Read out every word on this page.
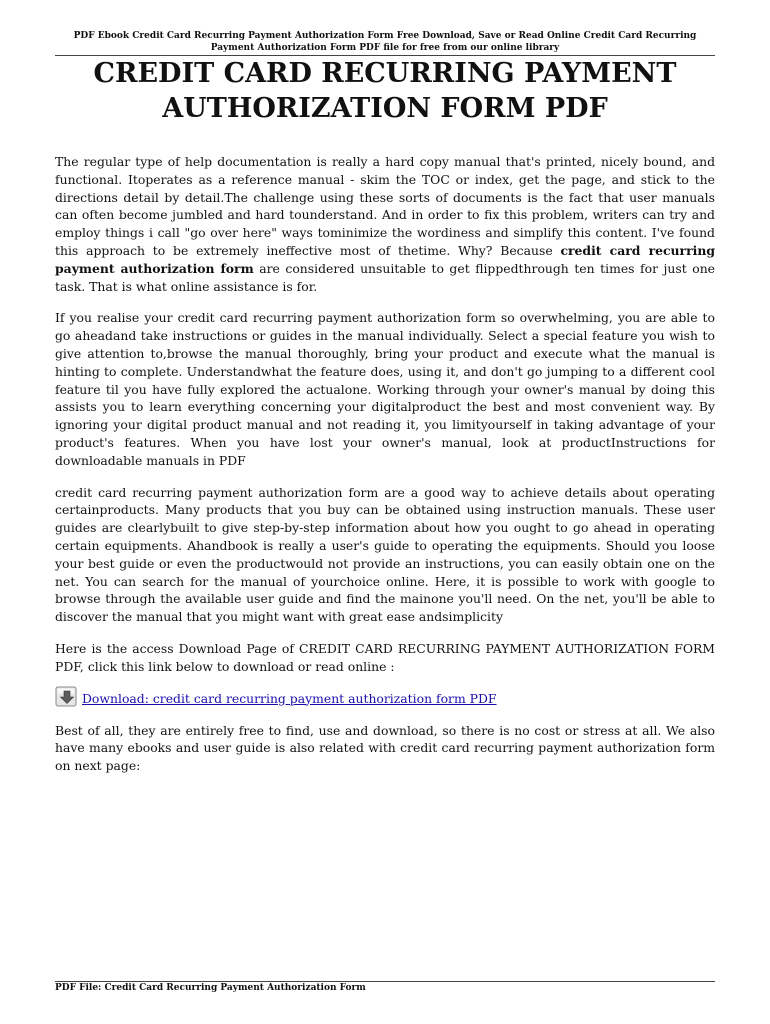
PDF Ebook Credit Card Recurring Payment Authorization Form Free Download, Save or Read Online Credit Card Recurring Payment Authorization Form PDF file for free from our online library
CREDIT CARD RECURRING PAYMENT
AUTHORIZATION FORM PDF

The regular type of help documentation is really a hard copy manual that's printed, nicely bound, and functional. Itoperates as a reference manual - skim the TOC or index, get the page, and stick to the directions detail by detail.The challenge using these sorts of documents is the fact that user manuals can often become jumbled and hard tounderstand. And in order to fix this problem, writers can try and employ things i call "go over here" ways tominimize the wordiness and simplify this content. I've found this approach to be extremely ineffective most of thetime. Why? Because credit card recurring payment authorization form are considered unsuitable to get flippedthrough ten times for just one task. That is what online assistance is for.

If you realise your credit card recurring payment authorization form so overwhelming, you are able to go aheadand take instructions or guides in the manual individually. Select a special feature you wish to give attention to,browse the manual thoroughly, bring your product and execute what the manual is hinting to complete. Understandwhat the feature does, using it, and don't go jumping to a different cool feature til you have fully explored the actualone. Working through your owner's manual by doing this assists you to learn everything concerning your digitalproduct the best and most convenient way. By ignoring your digital product manual and not reading it, you limityourself in taking advantage of your product's features. When you have lost your owner's manual, look at productInstructions for downloadable manuals in PDF

credit card recurring payment authorization form are a good way to achieve details about operating certainproducts. Many products that you buy can be obtained using instruction manuals. These user guides are clearlybuilt to give step-by-step information about how you ought to go ahead in operating certain equipments. Ahandbook is really a user's guide to operating the equipments. Should you loose your best guide or even the productwould not provide an instructions, you can easily obtain one on the net. You can search for the manual of yourchoice online. Here, it is possible to work with google to browse through the available user guide and find the mainone you'll need. On the net, you'll be able to discover the manual that you might want with great ease andsimplicity

Here is the access Download Page of CREDIT CARD RECURRING PAYMENT AUTHORIZATION FORM PDF, click this link below to download or read online :

Download: credit card recurring payment authorization form PDF

Best of all, they are entirely free to find, use and download, so there is no cost or stress at all. We also have many ebooks and user guide is also related with credit card recurring payment authorization form on next page:

PDF File: Credit Card Recurring Payment Authorization Form
